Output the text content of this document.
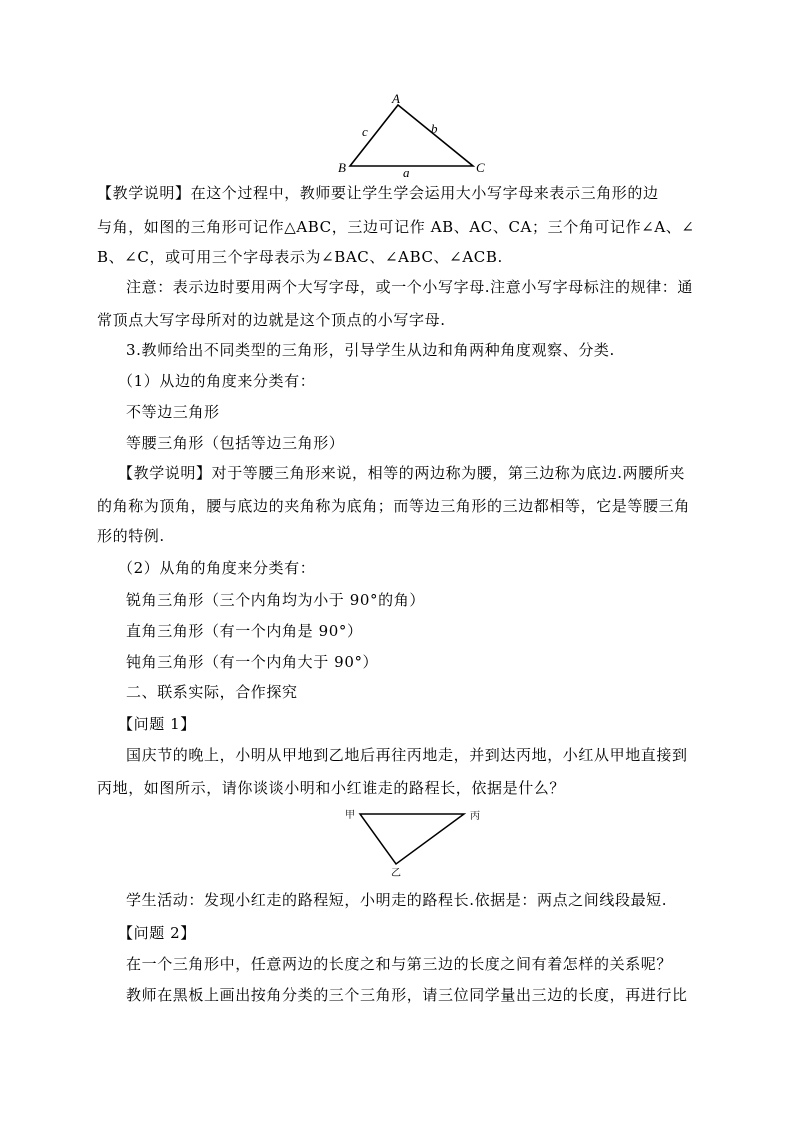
A
B	C
c	b
a
【教学说明】在这个过程中，教师要让学生学会运用大小写字母来表示三角形的边
与角，如图的三角形可记作△ABC，三边可记作 AB、AC、CA；三个角可记作∠A、∠
B、∠C，或可用三个字母表示为∠BAC、∠ABC、∠ACB.
注意：表示边时要用两个大写字母，或一个小写字母.注意小写字母标注的规律：通
常顶点大写字母所对的边就是这个顶点的小写字母.
3.教师给出不同类型的三角形，引导学生从边和角两种角度观察、分类.
（1）从边的角度来分类有：
不等边三角形
等腰三角形（包括等边三角形）
【教学说明】对于等腰三角形来说，相等的两边称为腰，第三边称为底边.两腰所夹
的角称为顶角，腰与底边的夹角称为底角；而等边三角形的三边都相等，它是等腰三角
形的特例.
（2）从角的角度来分类有：
锐角三角形（三个内角均为小于 90°的角）
直角三角形（有一个内角是 90°）
钝角三角形（有一个内角大于 90°）
二、联系实际，合作探究
【问题 1】
国庆节的晚上，小明从甲地到乙地后再往丙地走，并到达丙地，小红从甲地直接到
丙地，如图所示，请你谈谈小明和小红谁走的路程长，依据是什么？
甲	丙
乙
学生活动：发现小红走的路程短，小明走的路程长.依据是：两点之间线段最短.
【问题 2】
在一个三角形中，任意两边的长度之和与第三边的长度之间有着怎样的关系呢？
教师在黑板上画出按角分类的三个三角形，请三位同学量出三边的长度，再进行比
